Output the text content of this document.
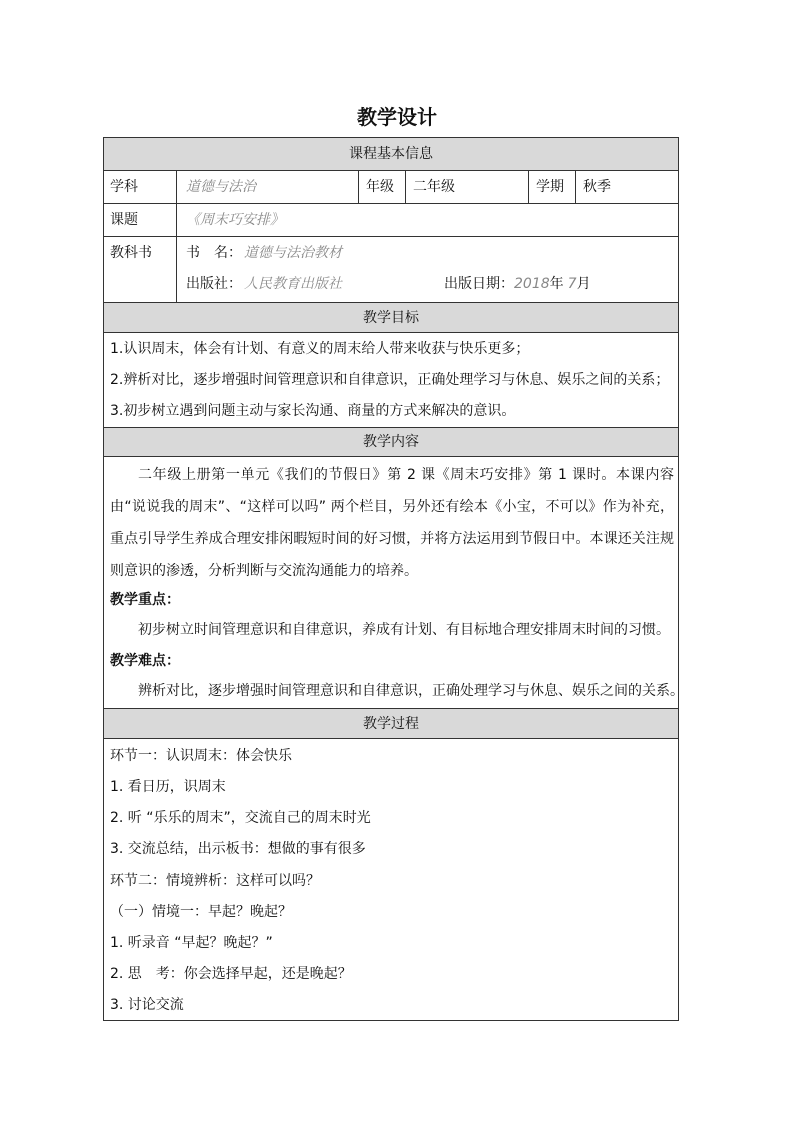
教学设计
课程基本信息
学科	道德与法治	年级 二年级	学期 秋季
课题	《周末巧安排》
教科书 书　名： 道德与法治教材
出版社： 人民教育出版社	出版日期：2018年 7月
教学目标
1.认识周末，体会有计划、有意义的周末给人带来收获与快乐更多；
2.辨析对比，逐步增强时间管理意识和自律意识，正确处理学习与休息、娱乐之间的关系；
3.初步树立遇到问题主动与家长沟通、商量的方式来解决的意识。
教学内容
二年级上册第一单元《我们的节假日》第 2 课《周末巧安排》第 1 课时。本课内容由“说说我的周末”、“这样可以吗” 两个栏目，另外还有绘本《小宝，不可以》作为补充，重点引导学生养成合理安排闲暇短时间的好习惯，并将方法运用到节假日中。本课还关注规则意识的渗透，分析判断与交流沟通能力的培养。
教学重点：
初步树立时间管理意识和自律意识，养成有计划、有目标地合理安排周末时间的习惯。
教学难点：
辨析对比，逐步增强时间管理意识和自律意识，正确处理学习与休息、娱乐之间的关系。
教学过程
环节一：认识周末：体会快乐
1. 看日历，识周末
2. 听 “乐乐的周末”，交流自己的周末时光
3. 交流总结，出示板书：想做的事有很多
环节二：情境辨析：这样可以吗？
（一）情境一：早起？晚起？
1. 听录音 “早起？晚起？”
2. 思　考：你会选择早起，还是晚起？
3. 讨论交流
